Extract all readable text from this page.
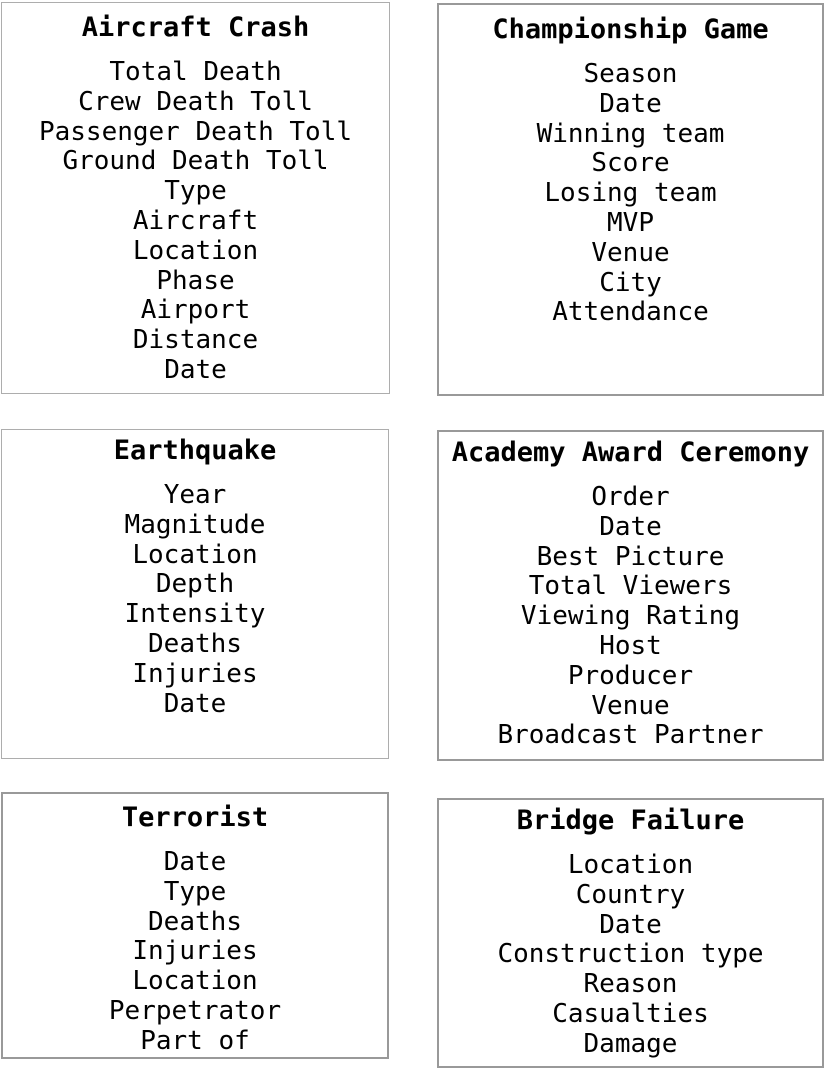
Aircraft Crash
Total Death
Crew Death Toll
Passenger Death Toll
Ground Death Toll
Type
Aircraft
Location
Phase
Airport
Distance
Date
Championship Game
Season
Date
Winning team
Score
Losing team
MVP
Venue
City
Attendance
Earthquake
Year
Magnitude
Location
Depth
Intensity
Deaths
Injuries
Date
Academy Award Ceremony
Order
Date
Best Picture
Total Viewers
Viewing Rating
Host
Producer
Venue
Broadcast Partner
Terrorist
Date
Type
Deaths
Injuries
Location
Perpetrator
Part of
Bridge Failure
Location
Country
Date
Construction type
Reason
Casualties
Damage
